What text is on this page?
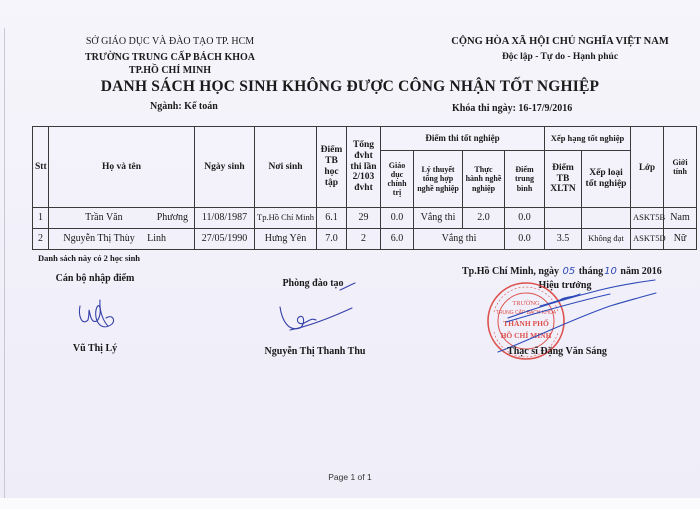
SỞ GIÁO DỤC VÀ ĐÀO TẠO TP. HCM
TRƯỜNG TRUNG CẤP BÁCH KHOA
TP.HỒ CHÍ MINH
CỘNG HÒA XÃ HỘI CHỦ NGHĨA VIỆT NAM
Độc lập - Tự do - Hạnh phúc
DANH SÁCH HỌC SINH KHÔNG ĐƯỢC CÔNG NHẬN TỐT NGHIỆP
Ngành: Kế toán	Khóa thi ngày: 16-17/9/2016
Stt	Họ và tên	Ngày sinh	Nơi sinh	Điểm TB học tập	Tổng đvht thi lần 2/103 đvht	Điểm thi tốt nghiệp				Xếp hạng tốt nghiệp		Lớp	Giới tính
						Giáo dục chính trị	Lý thuyết tổng hợp nghề nghiệp	Thực hành nghề nghiệp	Điểm trung bình	Điểm TB XLTN	Xếp loại tốt nghiệp		
1	Trần Văn Phương	11/08/1987	Tp.Hồ Chí Minh	6.1	29	0.0	Vắng thi	2.0	0.0			ASKT5B	Nam
2	Nguyễn Thị Thùy Linh	27/05/1990	Hưng Yên	7.0	2	6.0	Vắng thi		0.0	3.5	Không đạt	ASKT5D	Nữ
Danh sách này có 2 học sinh
Cán bộ nhập điểm
Vũ Thị Lý
Phòng đào tạo
Nguyễn Thị Thanh Thu
Tp.Hồ Chí Minh, ngày 05 tháng10 năm 2016
Hiệu trưởng
TRƯỜNG
TRUNG CẤP BÁCH KHOA
THÀNH PHỐ
HỒ CHÍ MINH
Thạc sĩ Đặng Văn Sáng
Page 1 of 1
